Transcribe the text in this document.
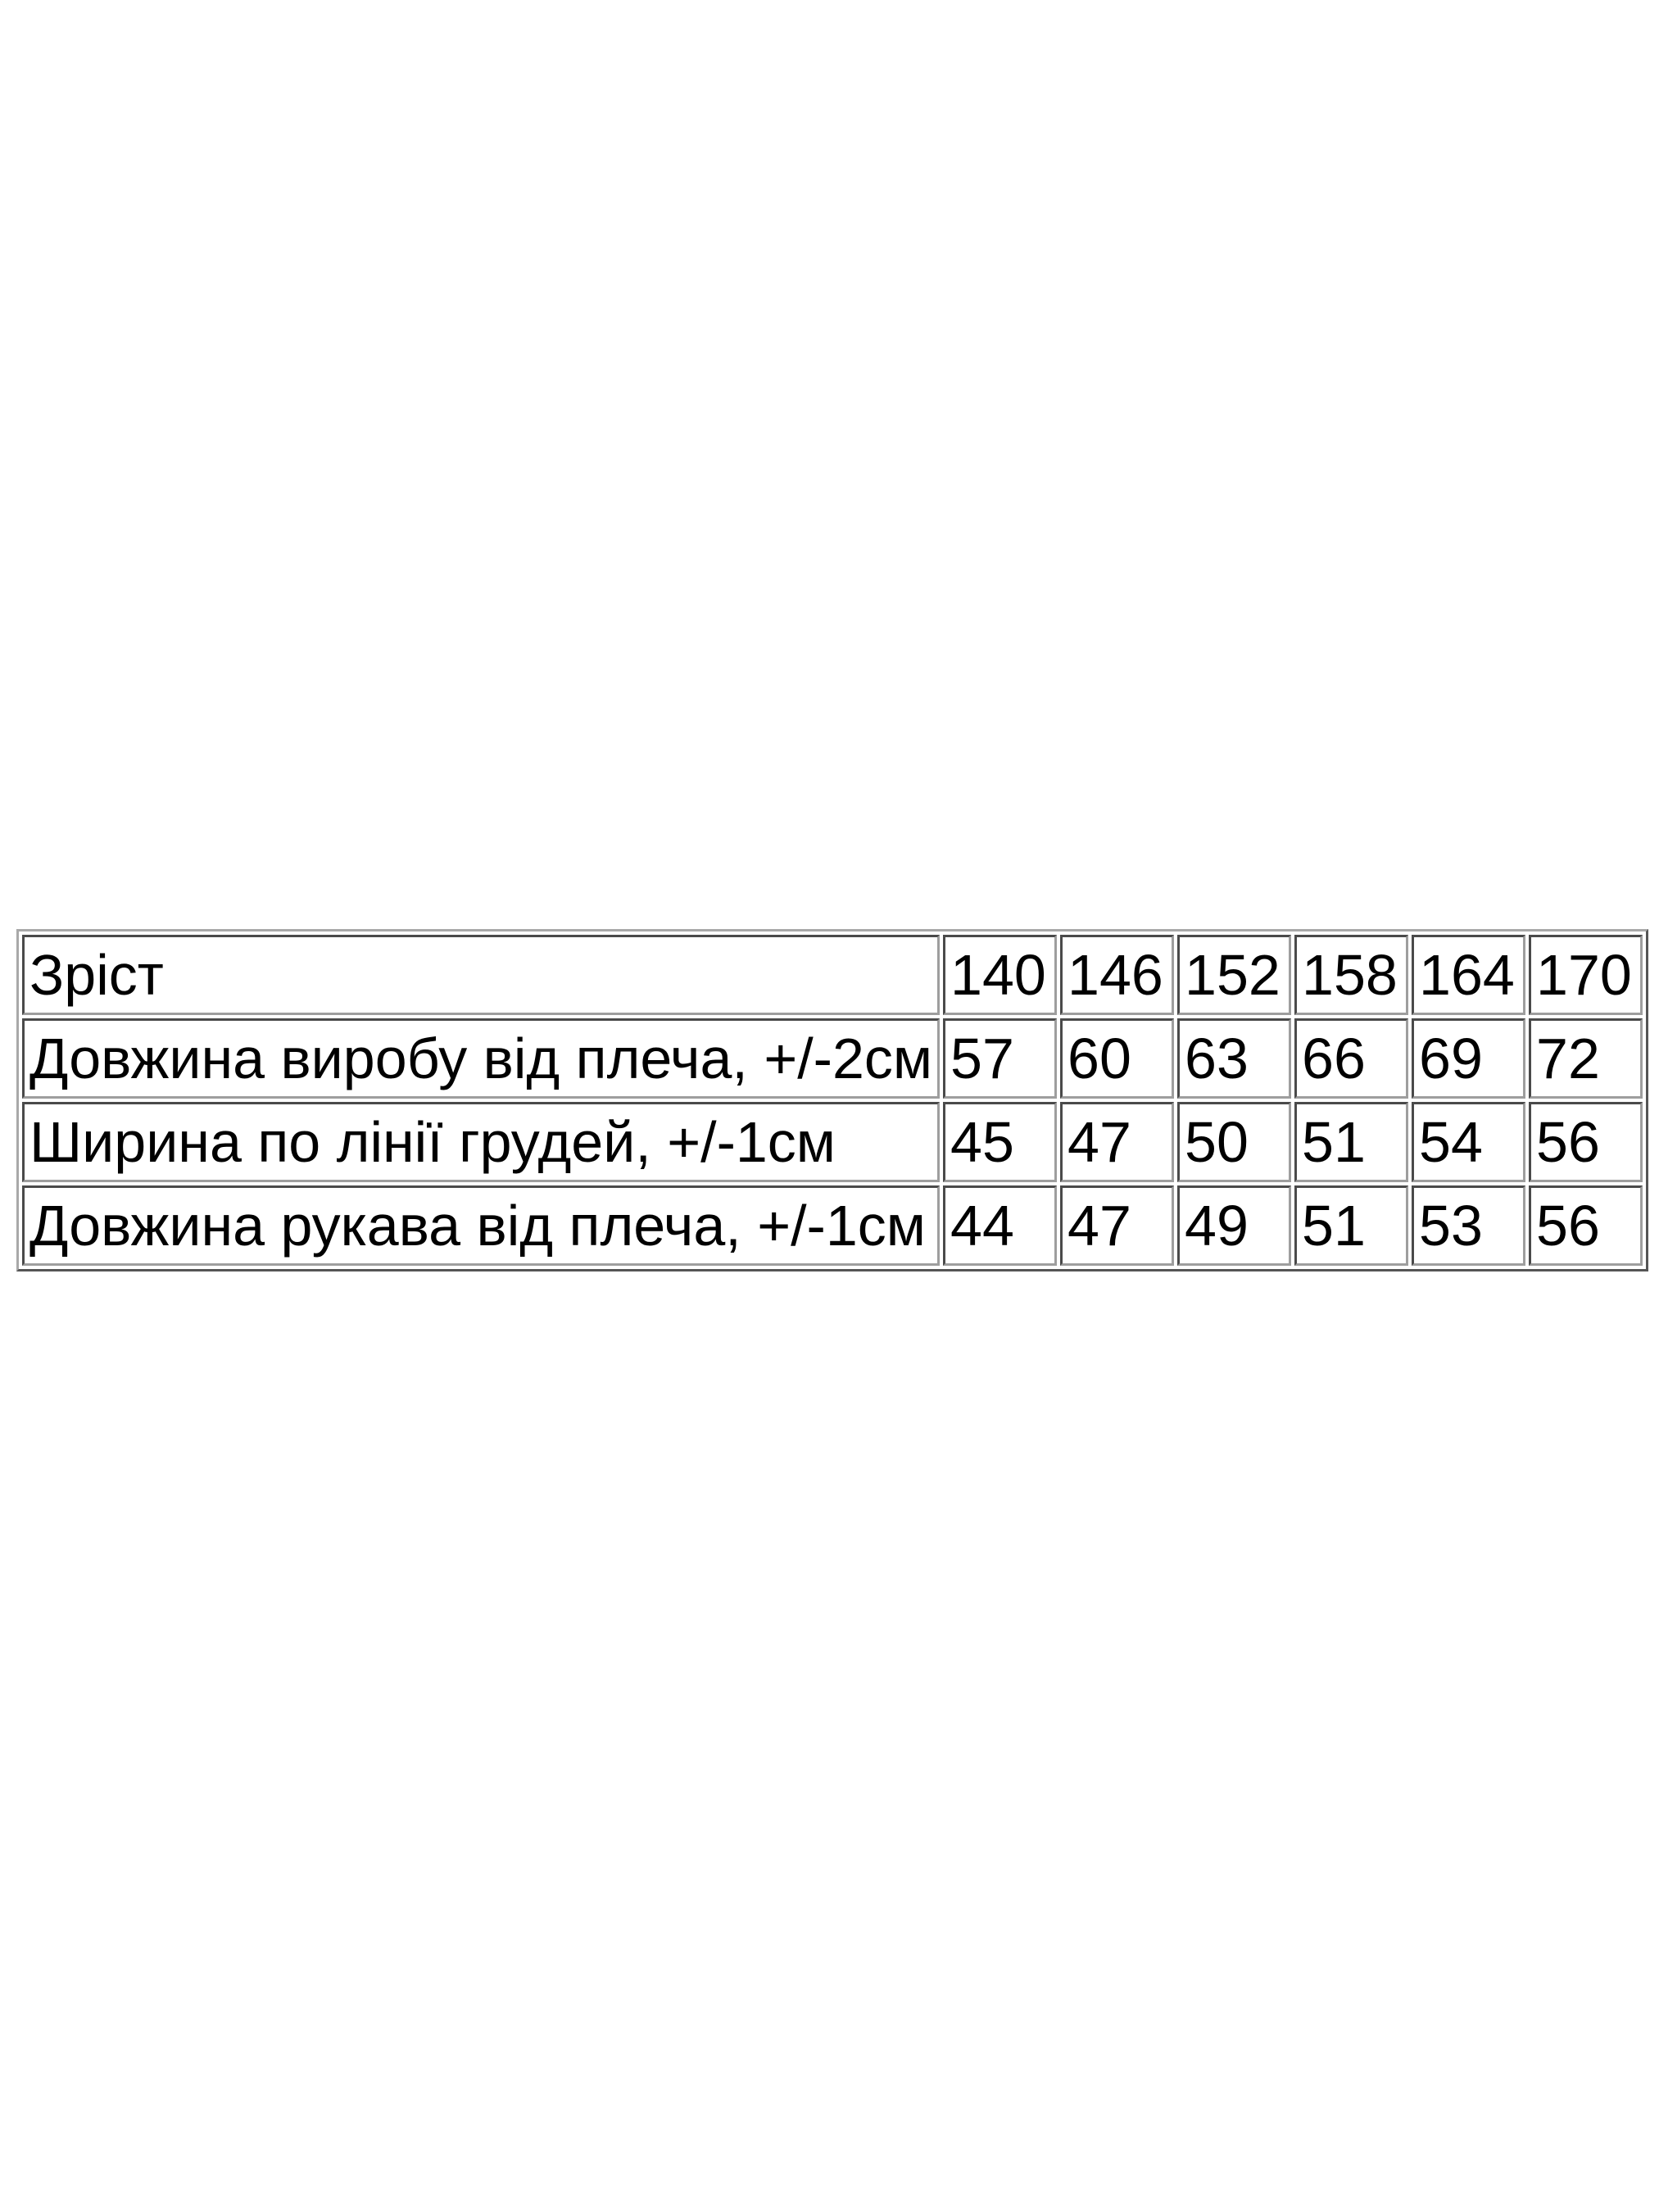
Зріст	140	146	152	158	164	170
Довжина виробу від плеча, +/-2см	57	60	63	66	69	72
Ширина по лінії грудей, +/-1см	45	47	50	51	54	56
Довжина рукава від плеча, +/-1см	44	47	49	51	53	56
